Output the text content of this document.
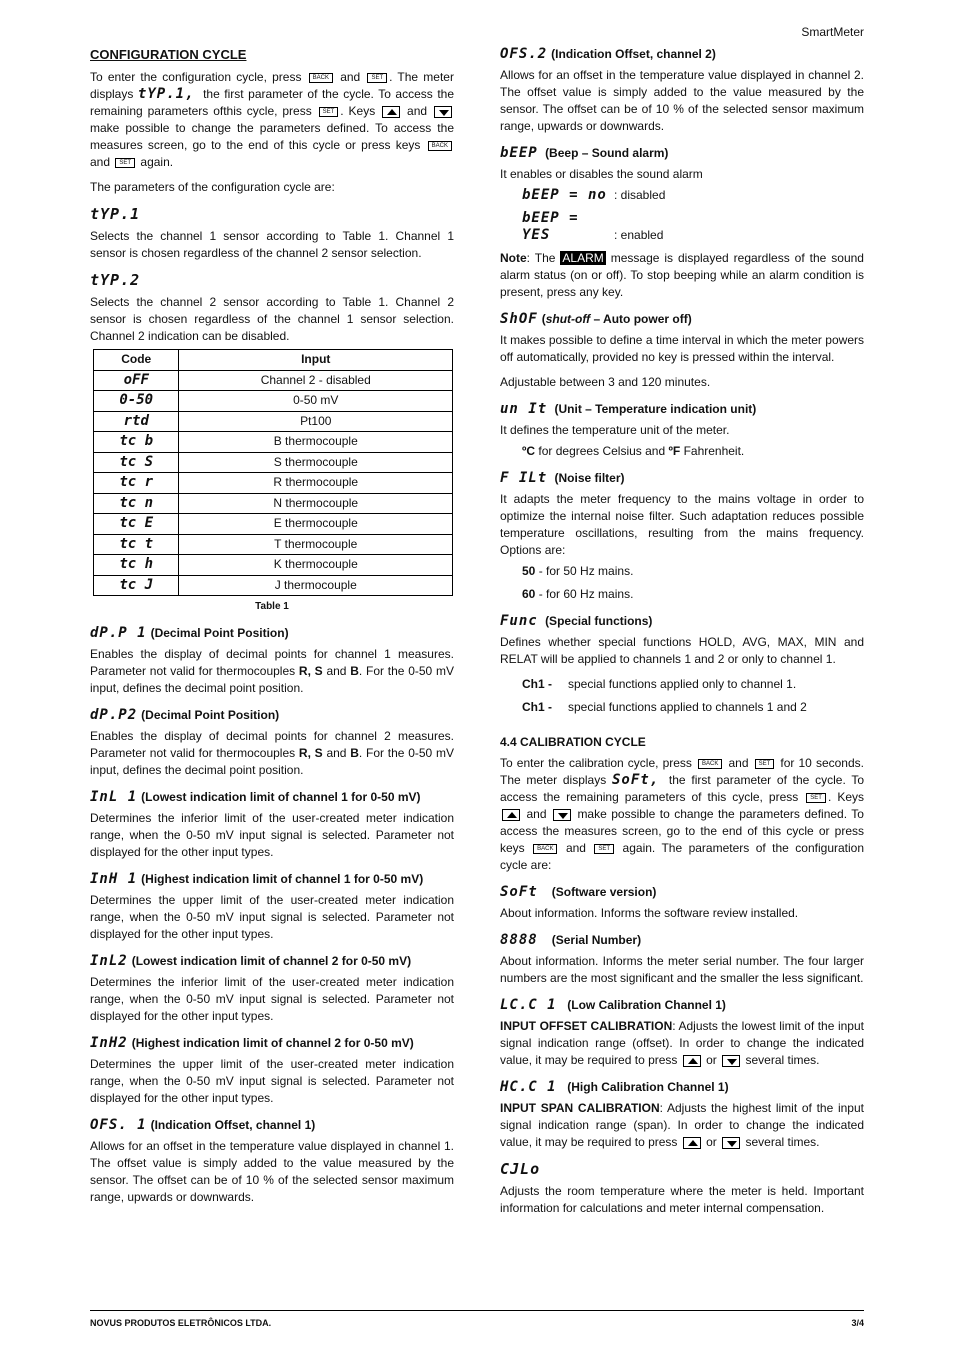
SmartMeter
CONFIGURATION CYCLE

To enter the configuration cycle, press BACK and SET . The meter displays tYP.1, the first parameter of the cycle. To access the remaining parameters ofthis cycle, press SET . Keys	and  make possible to change the parameters defined. To access the measures screen, go to the end of this cycle or press keys BACK and SET again.

The parameters of the configuration cycle are:

tYP.1

Selects the channel 1 sensor according to Table 1. Channel 1 sensor is chosen regardless of the channel 2 sensor selection.

tYP.2

Selects the channel 2 sensor according to Table 1. Channel 2 sensor is chosen regardless of the channel 1 sensor selection. Channel 2 indication can be disabled.

Code	Input
oFF	Channel 2 - disabled
0-50	0-50 mV
rtd	Pt100
tc b	B thermocouple
tc S	S thermocouple
tc r	R thermocouple
tc n	N thermocouple
tc E	E thermocouple
tc t	T thermocouple
tc h	K thermocouple
tc J	J thermocouple
Table 1
dP.P 1 (Decimal Point Position)

Enables the display of decimal points for channel 1 measures. Parameter not valid for thermocouples R, S and B. For the 0-50 mV input, defines the decimal point position.

dP.P2 (Decimal Point Position)

Enables the display of decimal points for channel 2 measures. Parameter not valid for thermocouples R, S and B. For the 0-50 mV input, defines the decimal point position.

InL 1 (Lowest indication limit of channel 1 for 0-50 mV)

Determines the inferior limit of the user-created meter indication range, when the 0-50 mV input signal is selected. Parameter not displayed for the other input types.

InH 1 (Highest indication limit of channel 1 for 0-50 mV)

Determines the upper limit of the user-created meter indication range, when the 0-50 mV input signal is selected. Parameter not displayed for the other input types.

InL2 (Lowest indication limit of channel 2 for 0-50 mV)

Determines the inferior limit of the user-created meter indication range, when the 0-50 mV input signal is selected. Parameter not displayed for the other input types.

InH2 (Highest indication limit of channel 2 for 0-50 mV)

Determines the upper limit of the user-created meter indication range, when the 0-50 mV input signal is selected. Parameter not displayed for the other input types.

OFS. 1 (Indication Offset, channel 1)

Allows for an offset in the temperature value displayed in channel 1. The offset value is simply added to the value measured by the sensor. The offset can be of 10 % of the selected sensor maximum range, upwards or downwards.

OFS.2 (Indication Offset, channel 2)

Allows for an offset in the temperature value displayed in channel 2. The offset value is simply added to the value measured by the sensor. The offset can be of 10 % of the selected sensor maximum range, upwards or downwards.

bEEP (Beep – Sound alarm)

It enables or disables the sound alarm

bEEP = no : disabled
bEEP = YES	: enabled

Note: The ALARM message is displayed regardless of the sound alarm status (on or off). To stop beeping while an alarm condition is present, press any key.

ShOF (shut-off – Auto power off)

It makes possible to define a time interval in which the meter powers off automatically, provided no key is pressed within the interval.

Adjustable between 3 and 120 minutes.

un It (Unit – Temperature indication unit)

It defines the temperature unit of the meter.

ºC for degrees Celsius and ºF Fahrenheit.

F ILt (Noise filter)

It adapts the meter frequency to the mains voltage in order to optimize the internal noise filter. Such adaptation reduces possible temperature oscillations, resulting from the mains frequency. Options are:

50 - for 50 Hz mains.
60 - for 60 Hz mains.
Func (Special functions)

Defines whether special functions HOLD, AVG, MAX, MIN and RELAT will be applied to channels 1 and 2 or only to channel 1.

Ch1 - special functions applied only to channel 1.
Ch1 - special functions applied to channels 1 and 2
4.4 CALIBRATION CYCLE

To enter the calibration cycle, press BACK and SET for 10 seconds. The meter displays SoFt, the first parameter of the cycle. To access the remaining parameters of this cycle, press SET . Keys  and	make possible to change the parameters defined. To access the measures screen, go to the end of this cycle or press keys BACK and SET again. The parameters of the configuration cycle are:

SoFt (Software version)

About information. Informs the software review installed.

8888 (Serial Number)

About information. Informs the meter serial number. The four larger numbers are the most significant and the smaller the less significant.

LC.C 1 (Low Calibration Channel 1)

INPUT OFFSET CALIBRATION: Adjusts the lowest limit of the input signal indication range (offset). In order to change the indicated value, it may be required to press or several times.

HC.C 1 (High Calibration Channel 1)

INPUT SPAN CALIBRATION: Adjusts the highest limit of the input signal indication range (span). In order to change the indicated value, it may be required to press or several times.

CJLo

Adjusts the room temperature where the meter is held. Important information for calculations and meter internal compensation.

NOVUS PRODUTOS ELETRÔNICOS LTDA.	3/4
